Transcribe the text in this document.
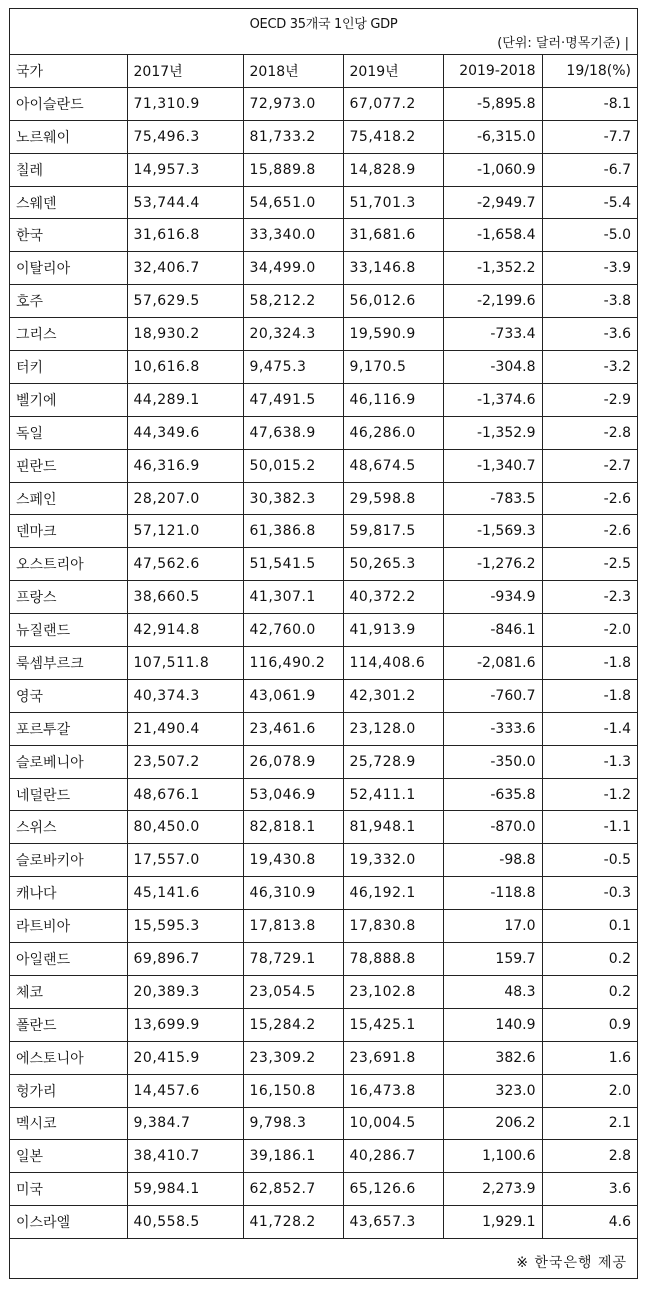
OECD 35개국 1인당 GDP
(단위: 달러·명목기준) |
국가	2017년	2018년	2019년	2019-2018	19/18(%)
아이슬란드	71,310.9	72,973.0	67,077.2	-5,895.8	-8.1
노르웨이	75,496.3	81,733.2	75,418.2	-6,315.0	-7.7
칠레	14,957.3	15,889.8	14,828.9	-1,060.9	-6.7
스웨덴	53,744.4	54,651.0	51,701.3	-2,949.7	-5.4
한국	31,616.8	33,340.0	31,681.6	-1,658.4	-5.0
이탈리아	32,406.7	34,499.0	33,146.8	-1,352.2	-3.9
호주	57,629.5	58,212.2	56,012.6	-2,199.6	-3.8
그리스	18,930.2	20,324.3	19,590.9	-733.4	-3.6
터키	10,616.8	9,475.3	9,170.5	-304.8	-3.2
벨기에	44,289.1	47,491.5	46,116.9	-1,374.6	-2.9
독일	44,349.6	47,638.9	46,286.0	-1,352.9	-2.8
핀란드	46,316.9	50,015.2	48,674.5	-1,340.7	-2.7
스페인	28,207.0	30,382.3	29,598.8	-783.5	-2.6
덴마크	57,121.0	61,386.8	59,817.5	-1,569.3	-2.6
오스트리아	47,562.6	51,541.5	50,265.3	-1,276.2	-2.5
프랑스	38,660.5	41,307.1	40,372.2	-934.9	-2.3
뉴질랜드	42,914.8	42,760.0	41,913.9	-846.1	-2.0
룩셈부르크	107,511.8	116,490.2	114,408.6	-2,081.6	-1.8
영국	40,374.3	43,061.9	42,301.2	-760.7	-1.8
포르투갈	21,490.4	23,461.6	23,128.0	-333.6	-1.4
슬로베니아	23,507.2	26,078.9	25,728.9	-350.0	-1.3
네덜란드	48,676.1	53,046.9	52,411.1	-635.8	-1.2
스위스	80,450.0	82,818.1	81,948.1	-870.0	-1.1
슬로바키아	17,557.0	19,430.8	19,332.0	-98.8	-0.5
캐나다	45,141.6	46,310.9	46,192.1	-118.8	-0.3
라트비아	15,595.3	17,813.8	17,830.8	17.0	0.1
아일랜드	69,896.7	78,729.1	78,888.8	159.7	0.2
체코	20,389.3	23,054.5	23,102.8	48.3	0.2
폴란드	13,699.9	15,284.2	15,425.1	140.9	0.9
에스토니아	20,415.9	23,309.2	23,691.8	382.6	1.6
헝가리	14,457.6	16,150.8	16,473.8	323.0	2.0
멕시코	9,384.7	9,798.3	10,004.5	206.2	2.1
일본	38,410.7	39,186.1	40,286.7	1,100.6	2.8
미국	59,984.1	62,852.7	65,126.6	2,273.9	3.6
이스라엘	40,558.5	41,728.2	43,657.3	1,929.1	4.6
※ 한국은행 제공
